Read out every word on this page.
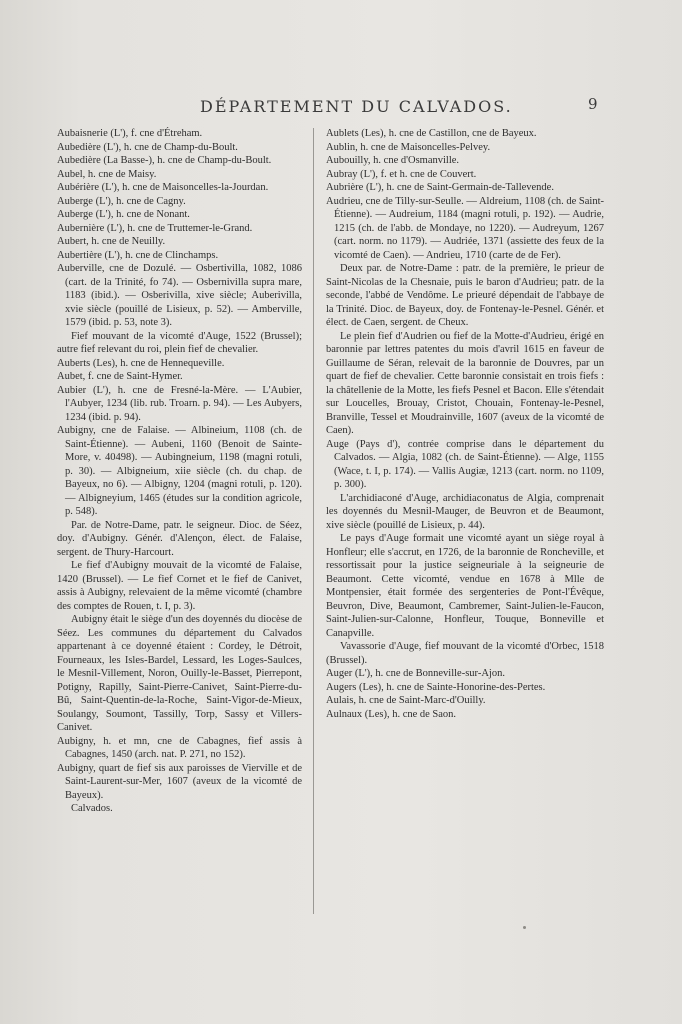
DÉPARTEMENT DU CALVADOS.	9

Aubaisnerie (L'), f. cne d'Étreham.

Aubedière (L'), h. cne de Champ-du-Boult.

Aubedière (La Basse-), h. cne de Champ-du-Boult.

Aubel, h. cne de Maisy.

Aubérière (L'), h. cne de Maisoncelles-la-Jourdan.

Auberge (L'), h. cne de Cagny.

Auberge (L'), h. cne de Nonant.

Aubernière (L'), h. cne de Truttemer-le-Grand.

Aubert, h. cne de Neuilly.

Aubertière (L'), h. cne de Clinchamps.

Auberville, cne de Dozulé. — Osbertivilla, 1082, 1086 (cart. de la Trinité, fo 74). — Osbernivilla supra mare, 1183 (ibid.). — Osberivilla, xive siècle; Auberivilla, xvie siècle (pouillé de Lisieux, p. 52). — Amberville, 1579 (ibid. p. 53, note 3).

Fief mouvant de la vicomté d'Auge, 1522 (Brussel); autre fief relevant du roi, plein fief de chevalier.

Auberts (Les), h. cne de Hennequeville.

Aubet, f. cne de Saint-Hymer.

Aubier (L'), h. cne de Fresné-la-Mère. — L'Aubier, l'Aubyer, 1234 (lib. rub. Troarn. p. 94). — Les Aubyers, 1234 (ibid. p. 94).

Aubigny, cne de Falaise. — Albineium, 1108 (ch. de Saint-Étienne). — Aubeni, 1160 (Benoit de Sainte-More, v. 40498). — Aubingneium, 1198 (magni rotuli, p. 30). — Albigneium, xiie siècle (ch. du chap. de Bayeux, no 6). — Albigny, 1204 (magni rotuli, p. 120). — Albigneyium, 1465 (études sur la condition agricole, p. 548).

Par. de Notre-Dame, patr. le seigneur. Dioc. de Séez, doy. d'Aubigny. Génér. d'Alençon, élect. de Falaise, sergent. de Thury-Harcourt.

Le fief d'Aubigny mouvait de la vicomté de Falaise, 1420 (Brussel). — Le fief Cornet et le fief de Canivet, assis à Aubigny, relevaient de la même vicomté (chambre des comptes de Rouen, t. I, p. 3).

Aubigny était le siège d'un des doyennés du diocèse de Séez. Les communes du département du Calvados appartenant à ce doyenné étaient : Cordey, le Détroit, Fourneaux, les Isles-Bardel, Lessard, les Loges-Saulces, le Mesnil-Villement, Noron, Ouilly-le-Basset, Pierrepont, Potigny, Rapilly, Saint-Pierre-Canivet, Saint-Pierre-du-Bû, Saint-Quentin-de-la-Roche, Saint-Vigor-de-Mieux, Soulangy, Soumont, Tassilly, Torp, Sassy et Villers-Canivet.

Aubigny, h. et mn, cne de Cabagnes, fief assis à Cabagnes, 1450 (arch. nat. P. 271, no 152).

Aubigny, quart de fief sis aux paroisses de Vierville et de Saint-Laurent-sur-Mer, 1607 (aveux de la vicomté de Bayeux).

Calvados.

Aublets (Les), h. cne de Castillon, cne de Bayeux.

Aublin, h. cne de Maisoncelles-Pelvey.

Aubouilly, h. cne d'Osmanville.

Aubray (L'), f. et h. cne de Couvert.

Aubrière (L'), h. cne de Saint-Germain-de-Tallevende.

Audrieu, cne de Tilly-sur-Seulle. — Aldreium, 1108 (ch. de Saint-Étienne). — Audreium, 1184 (magni rotuli, p. 192). — Audrie, 1215 (ch. de l'abb. de Mondaye, no 1220). — Audreyum, 1267 (cart. norm. no 1179). — Audriée, 1371 (assiette des feux de la vicomté de Caen). — Andrieu, 1710 (carte de de Fer).

Deux par. de Notre-Dame : patr. de la première, le prieur de Saint-Nicolas de la Chesnaie, puis le baron d'Audrieu; patr. de la seconde, l'abbé de Vendôme. Le prieuré dépendait de l'abbaye de la Trinité. Dioc. de Bayeux, doy. de Fontenay-le-Pesnel. Génér. et élect. de Caen, sergent. de Cheux.

Le plein fief d'Audrien ou fief de la Motte-d'Audrieu, érigé en baronnie par lettres patentes du mois d'avril 1615 en faveur de Guillaume de Séran, relevait de la baronnie de Douvres, par un quart de fief de chevalier. Cette baronnie consistait en trois fiefs : la châtellenie de la Motte, les fiefs Pesnel et Bacon. Elle s'étendait sur Loucelles, Brouay, Cristot, Chouain, Fontenay-le-Pesnel, Branville, Tessel et Moudrainville, 1607 (aveux de la vicomté de Caen).

Auge (Pays d'), contrée comprise dans le département du Calvados. — Algia, 1082 (ch. de Saint-Étienne). — Alge, 1155 (Wace, t. I, p. 174). — Vallis Augiæ, 1213 (cart. norm. no 1109, p. 300).

L'archidiaconé d'Auge, archidiaconatus de Algia, comprenait les doyennés du Mesnil-Mauger, de Beuvron et de Beaumont, xive siècle (pouillé de Lisieux, p. 44).

Le pays d'Auge formait une vicomté ayant un siège royal à Honfleur; elle s'accrut, en 1726, de la baronnie de Roncheville, et ressortissait pour la justice seigneuriale à la seigneurie de Beaumont. Cette vicomté, vendue en 1678 à Mlle de Montpensier, était formée des sergenteries de Pont-l'Évêque, Beuvron, Dive, Beaumont, Cambremer, Saint-Julien-le-Faucon, Saint-Julien-sur-Calonne, Honfleur, Touque, Bonneville et Canapville.

Vavassorie d'Auge, fief mouvant de la vicomté d'Orbec, 1518 (Brussel).

Auger (L'), h. cne de Bonneville-sur-Ajon.

Augers (Les), h. cne de Sainte-Honorine-des-Pertes.

Aulais, h. cne de Saint-Marc-d'Ouilly.

Aulnaux (Les), h. cne de Saon.
